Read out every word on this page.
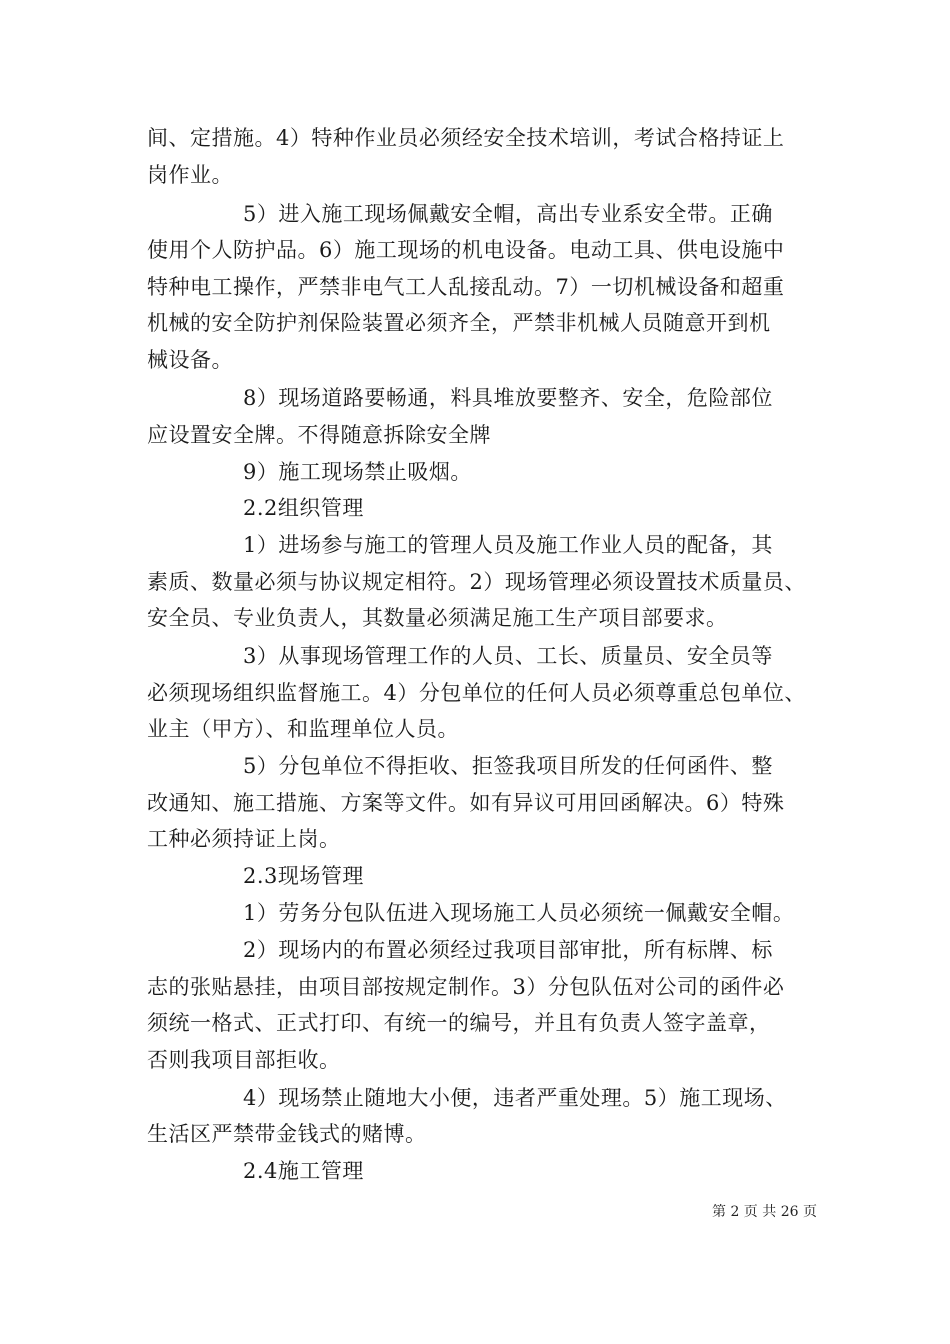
间、定措施。4）特种作业员必须经安全技术培训，考试合格持证上
岗作业。
5）进入施工现场佩戴安全帽，高出专业系安全带。正确
使用个人防护品。6）施工现场的机电设备。电动工具、供电设施中
特种电工操作，严禁非电气工人乱接乱动。7）一切机械设备和超重
机械的安全防护剂保险装置必须齐全，严禁非机械人员随意开到机
械设备。
8）现场道路要畅通，料具堆放要整齐、安全，危险部位
应设置安全牌。不得随意拆除安全牌
9）施工现场禁止吸烟。
2.2组织管理
1）进场参与施工的管理人员及施工作业人员的配备，其
素质、数量必须与协议规定相符。2）现场管理必须设置技术质量员、
安全员、专业负责人，其数量必须满足施工生产项目部要求。
3）从事现场管理工作的人员、工长、质量员、安全员等
必须现场组织监督施工。4）分包单位的任何人员必须尊重总包单位、
业主（甲方）、和监理单位人员。
5）分包单位不得拒收、拒签我项目所发的任何函件、整
改通知、施工措施、方案等文件。如有异议可用回函解决。6）特殊
工种必须持证上岗。
2.3现场管理
1）劳务分包队伍进入现场施工人员必须统一佩戴安全帽。
2）现场内的布置必须经过我项目部审批，所有标牌、标
志的张贴悬挂，由项目部按规定制作。3）分包队伍对公司的函件必
须统一格式、正式打印、有统一的编号，并且有负责人签字盖章，
否则我项目部拒收。
4）现场禁止随地大小便，违者严重处理。5）施工现场、
生活区严禁带金钱式的赌博。
2.4施工管理
第 2 页 共 26 页
